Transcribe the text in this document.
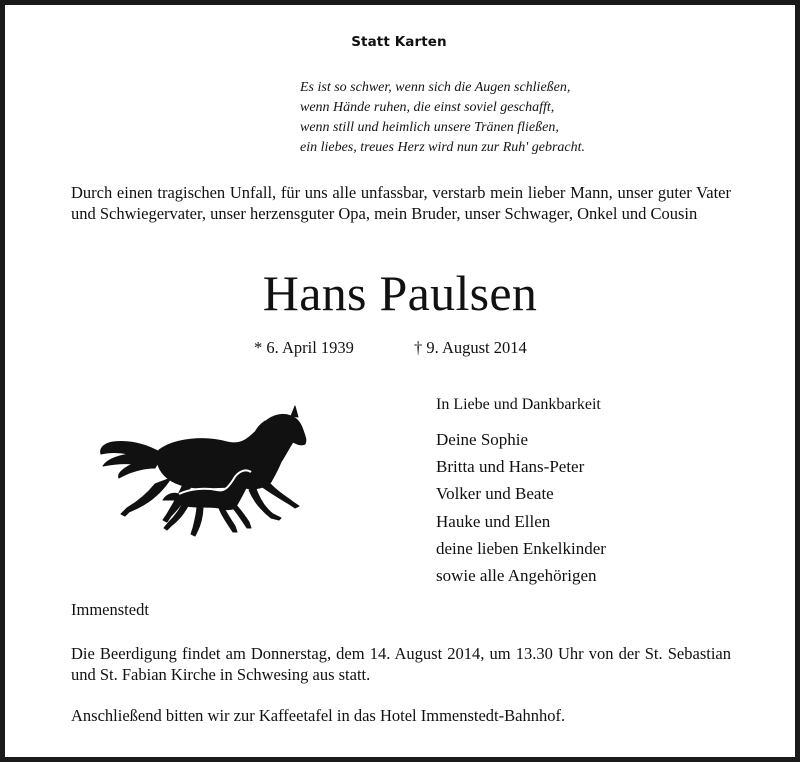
Statt Karten
Es ist so schwer, wenn sich die Augen schließen,
wenn Hände ruhen, die einst soviel geschafft,
wenn still und heimlich unsere Tränen fließen,
ein liebes, treues Herz wird nun zur Ruh' gebracht.
Durch einen tragischen Unfall, für uns alle unfassbar, verstarb mein lieber Mann, unser guter Vater und Schwiegervater, unser herzensguter Opa, mein Bruder, unser Schwager, Onkel und Cousin
Hans Paulsen
* 6. April 1939	† 9. August 2014
In Liebe und Dankbarkeit
Deine Sophie
Britta und Hans-Peter
Volker und Beate
Hauke und Ellen
deine lieben Enkelkinder
sowie alle Angehörigen
Immenstedt
Die Beerdigung findet am Donnerstag, dem 14. August 2014, um 13.30 Uhr von der St. Sebastian und St. Fabian Kirche in Schwesing aus statt.
Anschließend bitten wir zur Kaffeetafel in das Hotel Immenstedt-Bahnhof.
